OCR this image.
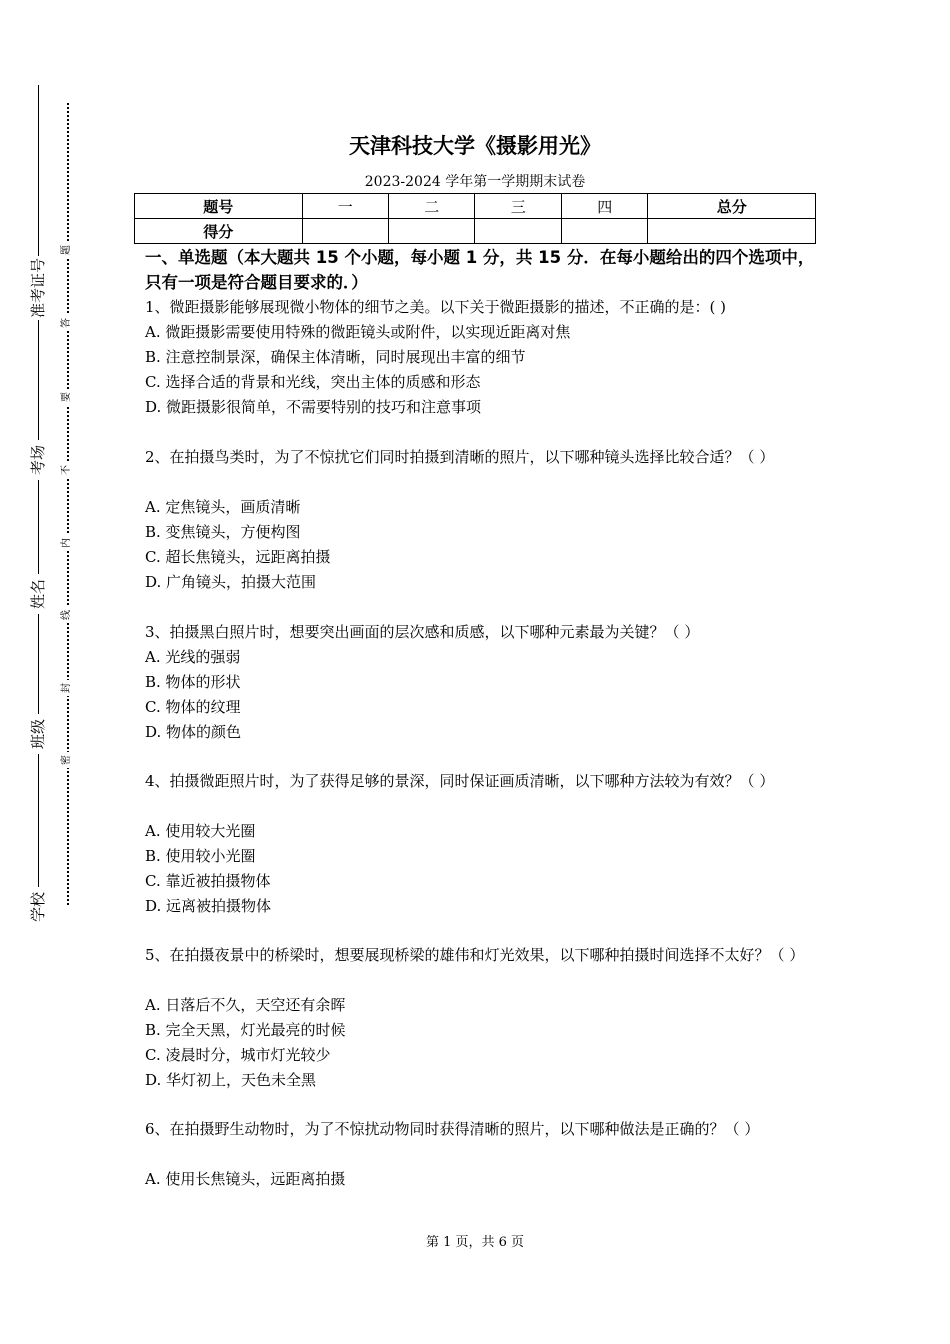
准考证号
考场
姓名
班级
学校
题
答
要
不
内
线
封
密
天津科技大学《摄影用光》
2023-2024 学年第一学期期末试卷
题号	一	二	三	四	总分
得分					
一、单选题（本大题共 15 个小题，每小题 1 分，共 15 分．在每小题给出的四个选项中，只有一项是符合题目要求的．）
1、微距摄影能够展现微小物体的细节之美。以下关于微距摄影的描述，不正确的是：( )
A. 微距摄影需要使用特殊的微距镜头或附件，以实现近距离对焦
B. 注意控制景深，确保主体清晰，同时展现出丰富的细节
C. 选择合适的背景和光线，突出主体的质感和形态
D. 微距摄影很简单，不需要特别的技巧和注意事项
2、在拍摄鸟类时，为了不惊扰它们同时拍摄到清晰的照片，以下哪种镜头选择比较合适？（ ）
A. 定焦镜头，画质清晰
B. 变焦镜头，方便构图
C. 超长焦镜头，远距离拍摄
D. 广角镜头，拍摄大范围
3、拍摄黑白照片时，想要突出画面的层次感和质感，以下哪种元素最为关键？（ ）
A. 光线的强弱
B. 物体的形状
C. 物体的纹理
D. 物体的颜色
4、拍摄微距照片时，为了获得足够的景深，同时保证画质清晰，以下哪种方法较为有效？（ ）
A. 使用较大光圈
B. 使用较小光圈
C. 靠近被拍摄物体
D. 远离被拍摄物体
5、在拍摄夜景中的桥梁时，想要展现桥梁的雄伟和灯光效果，以下哪种拍摄时间选择不太好？（ ）
A. 日落后不久，天空还有余晖
B. 完全天黑，灯光最亮的时候
C. 凌晨时分，城市灯光较少
D. 华灯初上，天色未全黑
6、在拍摄野生动物时，为了不惊扰动物同时获得清晰的照片，以下哪种做法是正确的？（ ）
A. 使用长焦镜头，远距离拍摄
第 1 页，共 6 页
